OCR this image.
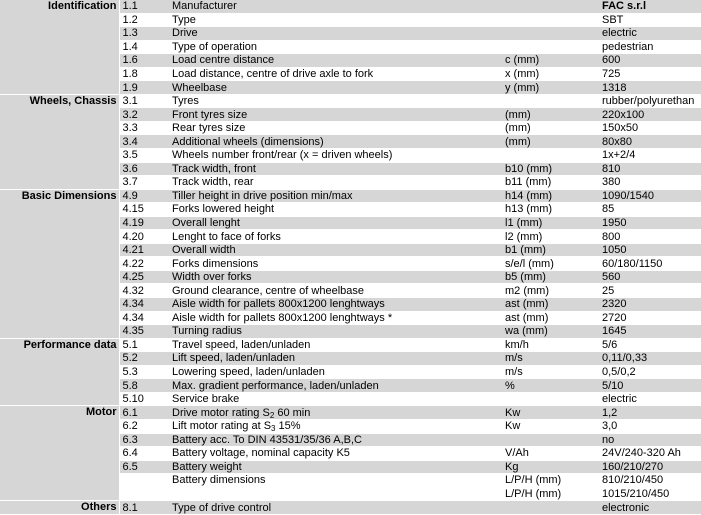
Identification	1.1	Manufacturer		FAC s.r.l
	1.2	Type		SBT
	1.3	Drive		electric
	1.4	Type of operation		pedestrian
	1.6	Load centre distance	c (mm)	600
	1.8	Load distance, centre of drive axle to fork	x (mm)	725
	1.9	Wheelbase	y (mm)	1318
Wheels, Chassis	3.1	Tyres		rubber/polyurethan
	3.2	Front tyres size	(mm)	220x100
	3.3	Rear tyres size	(mm)	150x50
	3.4	Additional wheels (dimensions)	(mm)	80x80
	3.5	Wheels number front/rear (x = driven wheels)		1x+2/4
	3.6	Track width, front	b10 (mm)	810
	3.7	Track width, rear	b11 (mm)	380
Basic Dimensions	4.9	Tiller height in drive position min/max	h14 (mm)	1090/1540
	4.15	Forks lowered height	h13 (mm)	85
	4.19	Overall lenght	l1 (mm)	1950
	4.20	Lenght to face of forks	l2 (mm)	800
	4.21	Overall width	b1 (mm)	1050
	4.22	Forks dimensions	s/e/l (mm)	60/180/1150
	4.25	Width over forks	b5 (mm)	560
	4.32	Ground clearance, centre of wheelbase	m2 (mm)	25
	4.34	Aisle width for pallets 800x1200 lenghtways	ast (mm)	2320
	4.34	Aisle width for pallets 800x1200 lenghtways *	ast (mm)	2720
	4.35	Turning radius	wa (mm)	1645
Performance data	5.1	Travel speed, laden/unladen	km/h	5/6
	5.2	Lift speed, laden/unladen	m/s	0,11/0,33
	5.3	Lowering speed, laden/unladen	m/s	0,5/0,2
	5.8	Max. gradient performance, laden/unladen	%	5/10
	5.10	Service brake		electric
Motor	6.1	Drive motor rating $S_2$ 60 min	Kw	1,2
	6.2	Lift motor rating at $S_3$ 15%	Kw	3,0
	6.3	Battery acc. To DIN 43531/35/36 A,B,C		no
	6.4	Battery voltage, nominal capacity K5	V/Ah	24V/240-320 Ah
	6.5	Battery weight	Kg	160/210/270
		Battery dimensions	L/P/H (mm)	810/210/450
			L/P/H (mm)	1015/210/450
Others	8.1	Type of drive control		electronic
